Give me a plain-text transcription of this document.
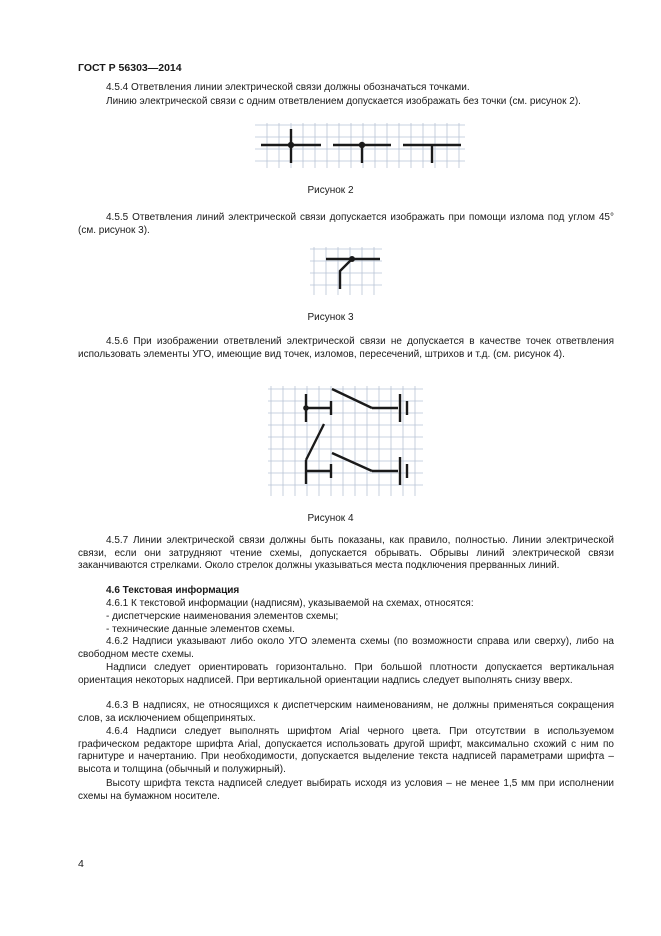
ГОСТ Р 56303—2014

4.5.4 Ответвления линии электрической связи должны обозначаться точками.

Линию электрической связи с одним ответвлением допускается изображать без точки (см. рисунок 2).

Рисунок 2

4.5.5 Ответвления линий электрической связи допускается изображать при помощи излома под углом 45° (см. рисунок 3).

Рисунок 3

4.5.6 При изображении ответвлений электрической связи не допускается в качестве точек ответвления использовать элементы УГО, имеющие вид точек, изломов, пересечений, штрихов и т.д. (см. рисунок 4).

Рисунок 4

4.5.7 Линии электрической связи должны быть показаны, как правило, полностью. Линии электрической связи, если они затрудняют чтение схемы, допускается обрывать. Обрывы линий электрической связи заканчиваются стрелками. Около стрелок должны указываться места подключения прерванных линий.

4.6 Текстовая информация

4.6.1 К текстовой информации (надписям), указываемой на схемах, относятся:

- диспетчерские наименования элементов схемы;

- технические данные элементов схемы.

4.6.2 Надписи указывают либо около УГО элемента схемы (по возможности справа или сверху), либо на свободном месте схемы.

Надписи следует ориентировать горизонтально. При большой плотности допускается вертикальная ориентация некоторых надписей. При вертикальной ориентации надпись следует выполнять снизу вверх.

4.6.3 В надписях, не относящихся к диспетчерским наименованиям, не должны применяться сокращения слов, за исключением общепринятых.

4.6.4 Надписи следует выполнять шрифтом Arial черного цвета. При отсутствии в используемом графическом редакторе шрифта Arial, допускается использовать другой шрифт, максимально схожий с ним по гарнитуре и начертанию. При необходимости, допускается выделение текста надписей параметрами шрифта – высота и толщина (обычный и полужирный).

Высоту шрифта текста надписей следует выбирать исходя из условия – не менее 1,5 мм при исполнении схемы на бумажном носителе.

4
